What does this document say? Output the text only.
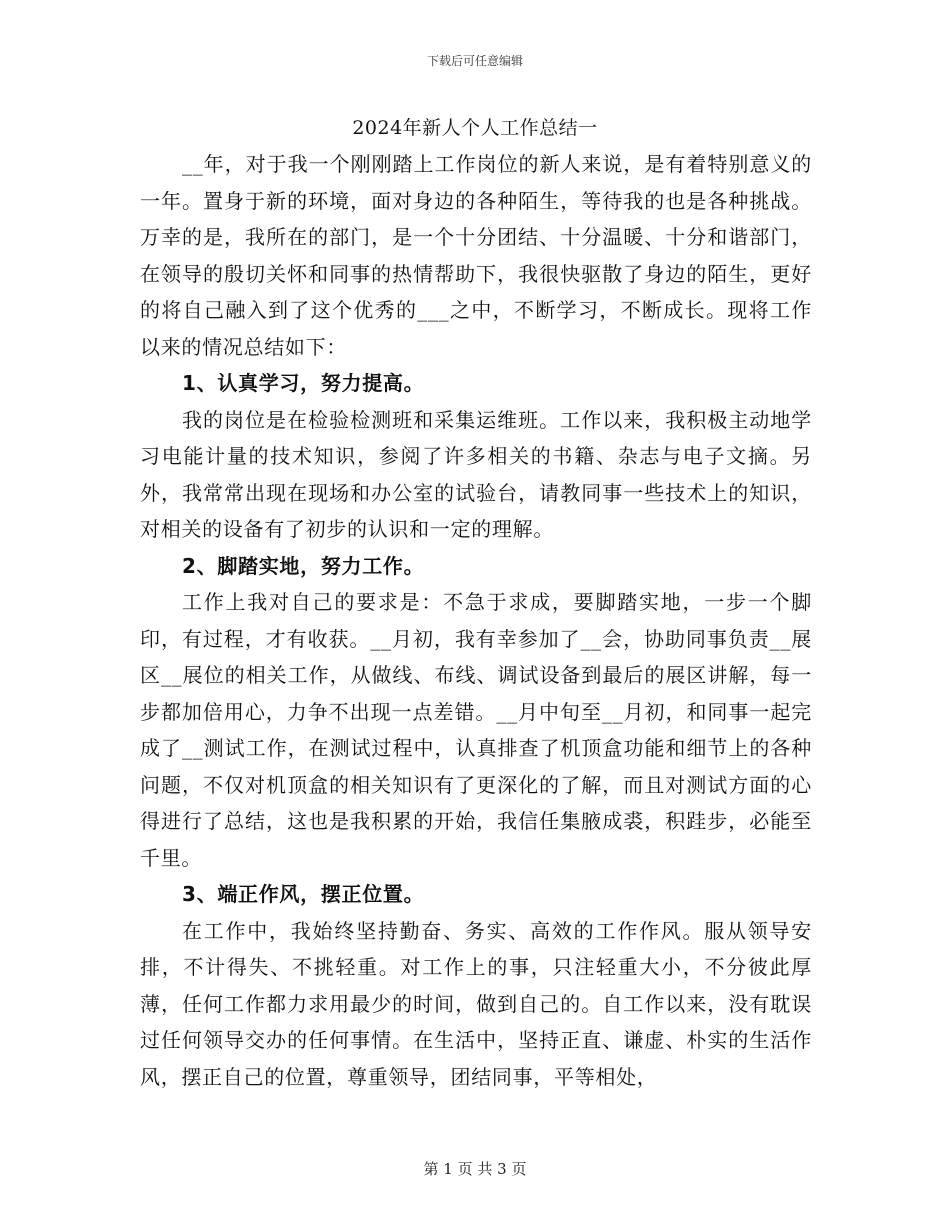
下载后可任意编辑
2024年新人个人工作总结一

__年，对于我一个刚刚踏上工作岗位的新人来说，是有着特别意义的一年。置身于新的环境，面对身边的各种陌生，等待我的也是各种挑战。万幸的是，我所在的部门，是一个十分团结、十分温暖、十分和谐部门，在领导的殷切关怀和同事的热情帮助下，我很快驱散了身边的陌生，更好的将自己融入到了这个优秀的___之中，不断学习，不断成长。现将工作以来的情况总结如下：

1、认真学习，努力提高。

我的岗位是在检验检测班和采集运维班。工作以来，我积极主动地学习电能计量的技术知识，参阅了许多相关的书籍、杂志与电子文摘。另外，我常常出现在现场和办公室的试验台，请教同事一些技术上的知识，对相关的设备有了初步的认识和一定的理解。

2、脚踏实地，努力工作。

工作上我对自己的要求是：不急于求成，要脚踏实地，一步一个脚印，有过程，才有收获。__月初，我有幸参加了__会，协助同事负责__展区__展位的相关工作，从做线、布线、调试设备到最后的展区讲解，每一步都加倍用心，力争不出现一点差错。__月中旬至__月初，和同事一起完成了__测试工作，在测试过程中，认真排查了机顶盒功能和细节上的各种问题，不仅对机顶盒的相关知识有了更深化的了解，而且对测试方面的心得进行了总结，这也是我积累的开始，我信任集腋成裘，积跬步，必能至千里。

3、端正作风，摆正位置。

在工作中，我始终坚持勤奋、务实、高效的工作作风。服从领导安排，不计得失、不挑轻重。对工作上的事，只注轻重大小，不分彼此厚薄，任何工作都力求用最少的时间，做到自己的。自工作以来，没有耽误过任何领导交办的任何事情。在生活中，坚持正直、谦虚、朴实的生活作风，摆正自己的位置，尊重领导，团结同事，平等相处，

第 1 页 共 3 页
